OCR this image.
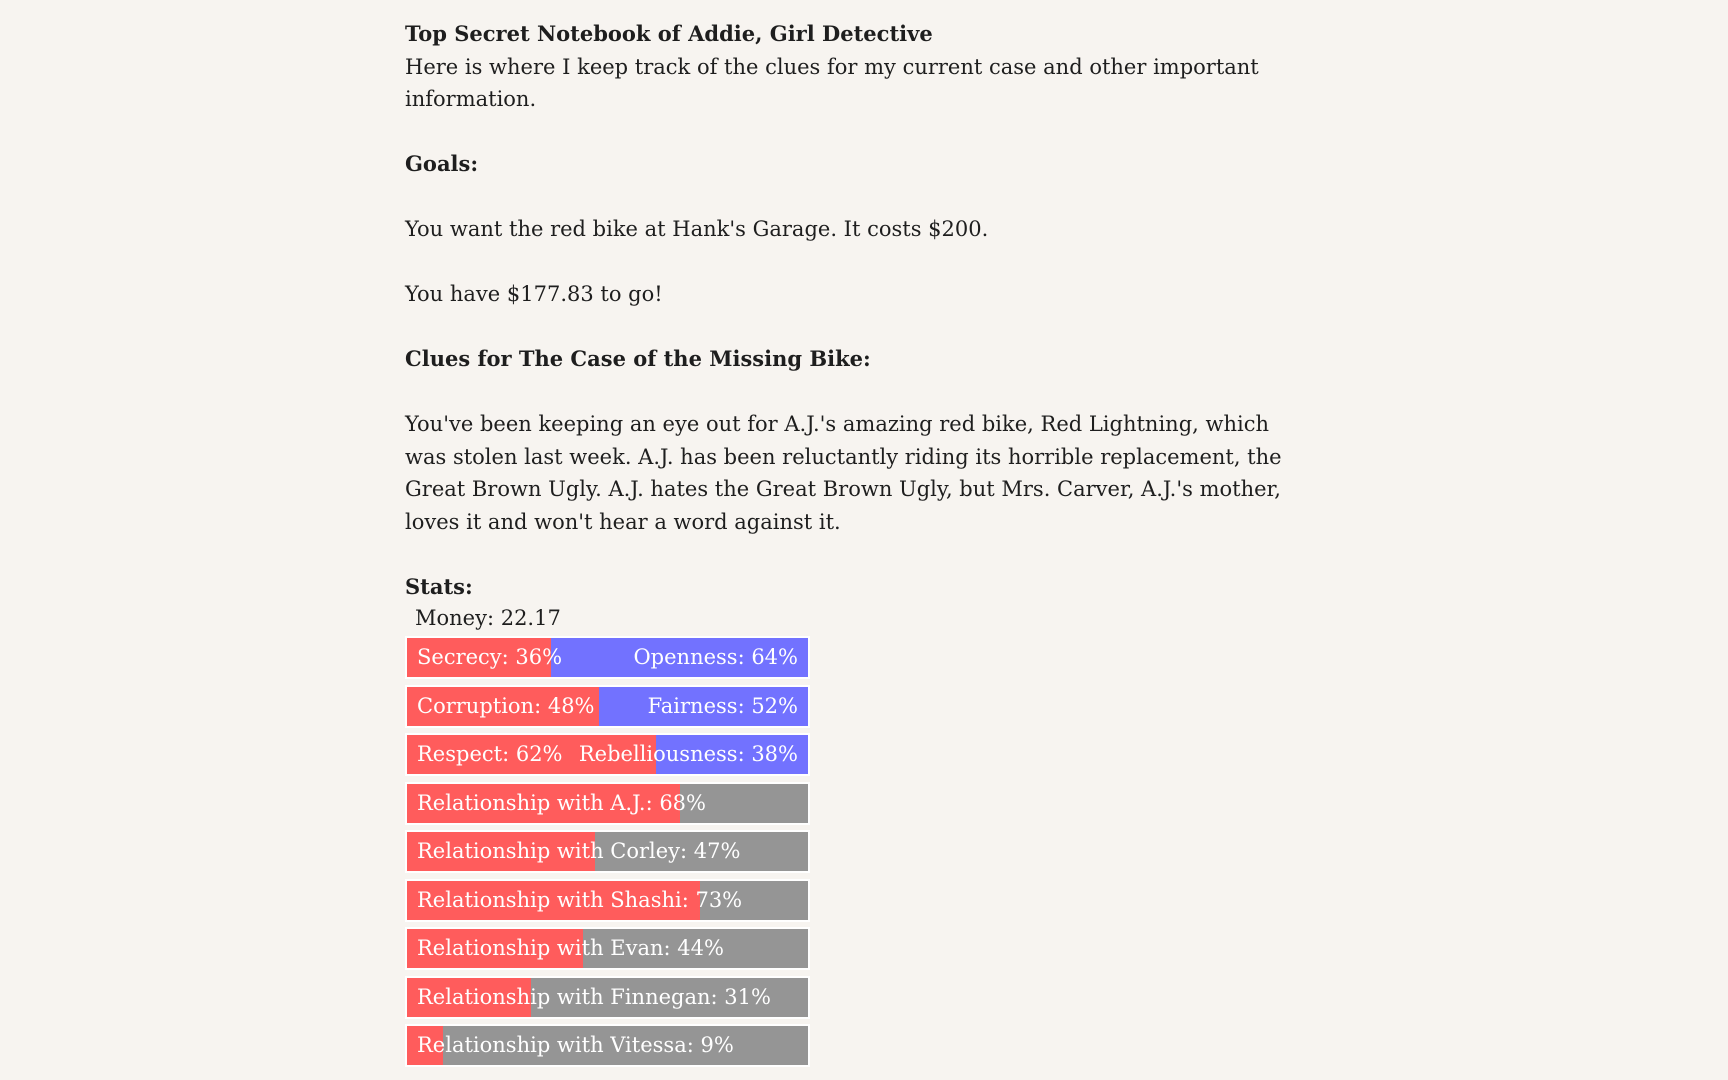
Top Secret Notebook of Addie, Girl Detective

Here is where I keep track of the clues for my current case and other important information.

Goals:

You want the red bike at Hank's Garage. It costs $200.

You have $177.83 to go!

Clues for The Case of the Missing Bike:

You've been keeping an eye out for A.J.'s amazing red bike, Red Lightning, which was stolen last week. A.J. has been reluctantly riding its horrible replacement, the Great Brown Ugly. A.J. hates the Great Brown Ugly, but Mrs. Carver, A.J.'s mother, loves it and won't hear a word against it.

Stats:

Money: 22.17
Secrecy: 36%	Openness: 64%
Corruption: 48%	Fairness: 52%
Respect: 62% Rebelliousness: 38%
Relationship with A.J.: 68%
Relationship with Corley: 47%
Relationship with Shashi: 73%
Relationship with Evan: 44%
Relationship with Finnegan: 31%
Relationship with Vitessa: 9%
